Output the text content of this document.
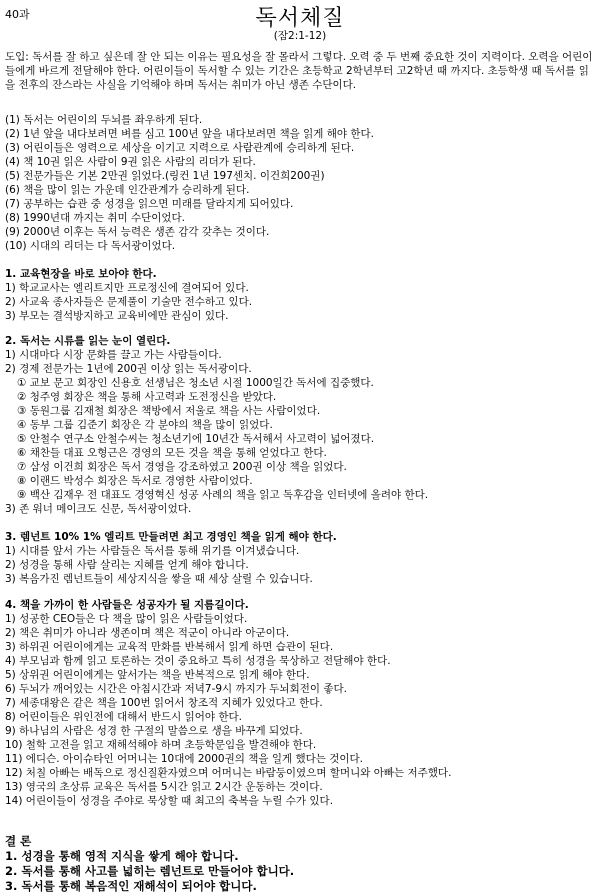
40과	독서체질
(잠2:1-12)
도입: 독서를 잘 하고 싶은데 잘 안 되는 이유는 필요성을 잘 몰라서 그렇다. 오력 중 두 번째 중요한 것이 지력이다. 오력을 어린이들에게 바르게 전달해야 한다. 어린이들이 독서할 수 있는 기간은 초등학교 2학년부터 고2학년 때 까지다. 초등학생 때 독서를 읽을 전후의 잔스라는 사실을 기억해야 하며 독서는 취미가 아닌 생존 수단이다.
(1) 독서는 어린이의 두뇌를 좌우하게 된다.
(2) 1년 앞을 내다보려면 벼를 심고 100년 앞을 내다보려면 책을 읽게 해야 한다.
(3) 어린이들은 영력으로 세상을 이기고 지력으로 사람관계에 승리하게 된다.
(4) 책 10권 읽은 사람이 9권 읽은 사람의 리더가 된다.
(5) 전문가들은 기본 2만권 읽었다.(링컨 1년 197센치. 이건희200권)
(6) 책을 많이 읽는 가운데 인간관계가 승리하게 된다.
(7) 공부하는 습관 중 성경을 읽으면 미래를 달라지게 되어있다.
(8) 1990년대 까지는 취미 수단이었다.
(9) 2000년 이후는 독서 능력은 생존 감각 갖추는 것이다.
(10) 시대의 리더는 다 독서광이었다.
1. 교육현장을 바로 보아야 한다.
1) 학교교사는 엘리트지만 프로정신에 결여되어 있다.
2) 사교육 종사자들은 문제풀이 기술만 전수하고 있다.
3) 부모는 결석방지하고 교육비에만 관심이 있다.
2. 독서는 시류를 읽는 눈이 열린다.
1) 시대마다 시장 문화를 끌고 가는 사람들이다.
2) 경제 전문가는 1년에 200권 이상 읽는 독서광이다.
① 교보 문고 회장인 신용호 선생님은 청소년 시절 1000일간 독서에 집중했다.
② 청주영 회장은 책을 통해 사고력과 도전정신을 받았다.
③ 동원그룹 김재철 회장은 책방에서 저울로 책을 사는 사람이었다.
④ 동부 그룹 김준기 회장은 각 분야의 책을 많이 읽었다.
⑤ 안철수 연구소 안철수씨는 청소년기에 10년간 독서해서 사고력이 넓어졌다.
⑥ 채찬들 대표 오형근은 경영의 모든 것을 책을 통해 얻었다고 한다.
⑦ 삼성 이건희 회장은 독서 경영을 강조하였고 200권 이상 책을 읽었다.
⑧ 이랜드 박성수 회장은 독서로 경영한 사람이었다.
⑨ 백산 김재우 전 대표도 경영혁신 성공 사례의 책을 읽고 독후감을 인터넷에 올려야 한다.
3) 존 워너 메이크도 신문, 독서광이었다.
3. 렘넌트 10% 1% 엘리트 만들려면 최고 경영인 책을 읽게 해야 한다.
1) 시대를 앞서 가는 사람들은 독서를 통해 위기를 이겨냈습니다.
2) 성경을 통해 사람 살리는 지혜를 얻게 해야 합니다.
3) 복음가진 렘넌트들이 세상지식을 쌓을 때 세상 살릴 수 있습니다.
4. 책을 가까이 한 사람들은 성공자가 될 지름길이다.
1) 성공한 CEO들은 다 책을 많이 읽은 사람들이었다.
2) 책은 취미가 아니라 생존이며 책은 적군이 아니라 아군이다.
3) 하위권 어린이에게는 교육적 만화를 반복해서 읽게 하면 습관이 된다.
4) 부모님과 함께 읽고 토론하는 것이 중요하고 특히 성경을 묵상하고 전달해야 한다.
5) 상위권 어린이에게는 앞서가는 책을 반복적으로 읽게 해야 한다.
6) 두뇌가 깨어있는 시간은 아침시간과 저녁7-9시 까지가 두뇌회전이 좋다.
7) 세종대왕은 같은 책을 100번 읽어서 창조적 지혜가 있었다고 한다.
8) 어린이들은 위인전에 대해서 반드시 읽어야 한다.
9) 하나님의 사람은 성경 한 구절의 말씀으로 생을 바꾸게 되었다.
10) 철학 고전을 읽고 재해석해야 하며 초등학문임을 발견해야 한다.
11) 에디슨. 아이슈타인 어머니는 10대에 2000권의 책을 일게 했다는 것이다.
12) 처칠 아빠는 배독으로 정신질환자였으며 어머니는 바람둥이였으며 할머니와 아빠는 저주했다.
13) 영국의 초상류 교육은 독서를 5시간 읽고 2시간 운동하는 것이다.
14) 어린이들이 성경을 주야로 묵상할 때 최고의 축복을 누릴 수가 있다.
결 론
1. 성경을 통해 영적 지식을 쌓게 해야 합니다.
2. 독서를 통해 사고를 넓히는 렘넌트로 만들어야 합니다.
3. 독서를 통해 복음적인 재해석이 되어야 합니다.
